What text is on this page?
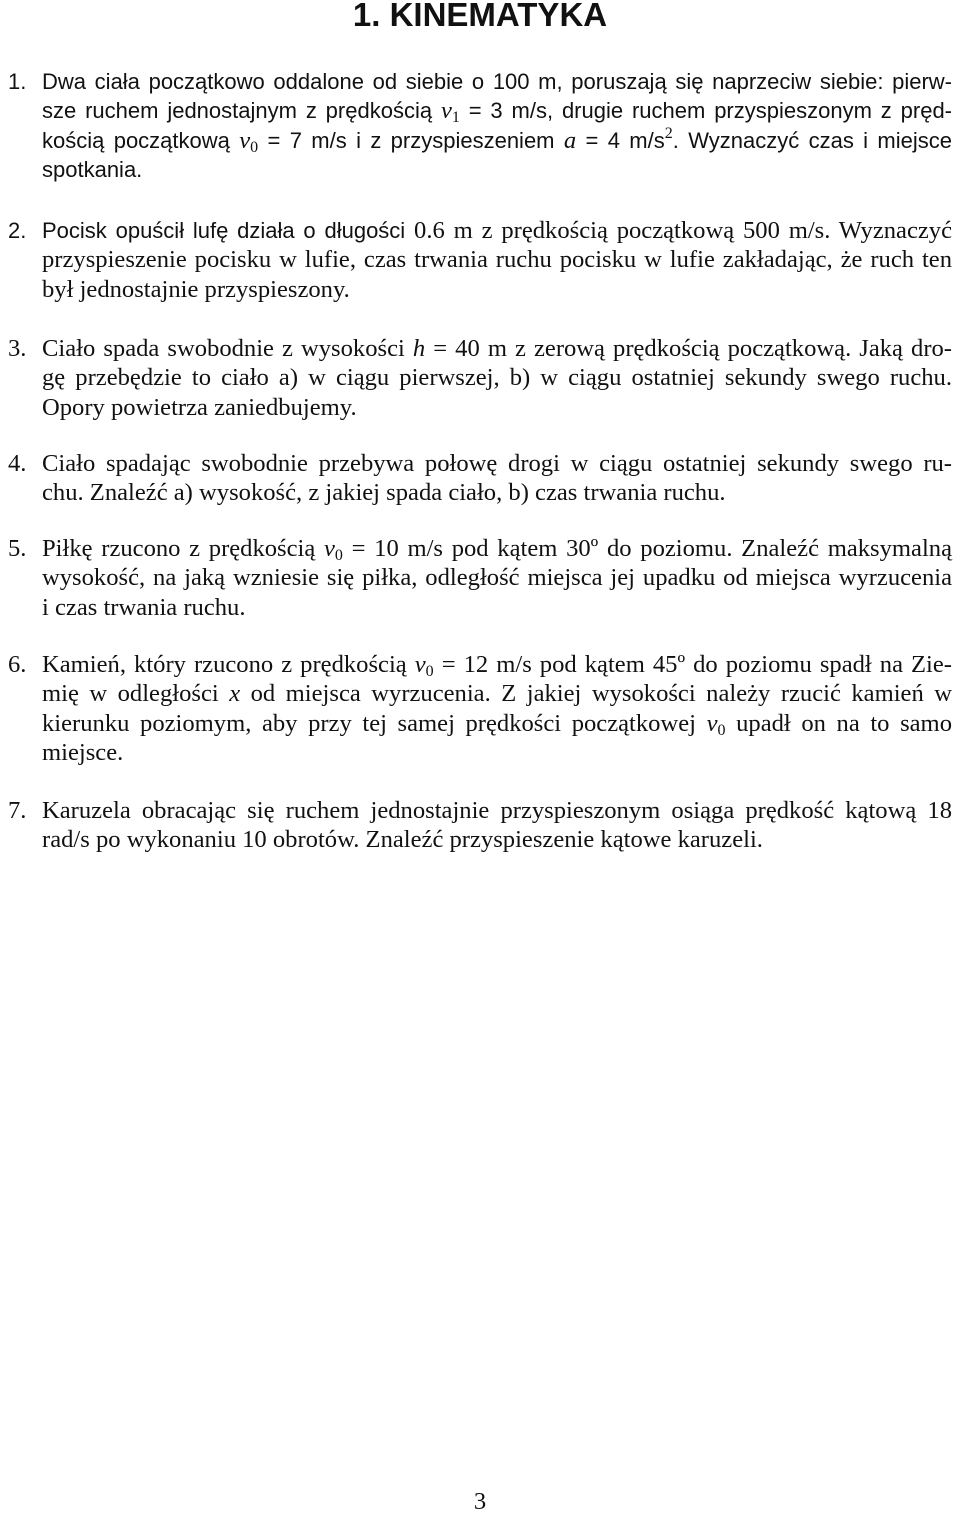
1. KINEMATYKA
1. Dwa ciała początkowo oddalone od siebie o 100 m, poruszają się naprzeciw siebie: pierw-
sze ruchem jednostajnym z prędkością $v_1 = 3$ m/s, drugie ruchem przyspieszonym z pręd-
kością początkową $v_0 = 7$ m/s i z przyspieszeniem a = 4 $m/s^2$. Wyznaczyć czas i miejsce
spotkania.
2. Pocisk opuścił lufę działa o długości 0.6 m z prędkością początkową 500 m/s. Wyznaczyć
przyspieszenie pocisku w lufie, czas trwania ruchu pocisku w lufie zakładając, że ruch ten
był jednostajnie przyspieszony.
3. Ciało spada swobodnie z wysokości h = 40 m z zerową prędkością początkową. Jaką dro-
gę przebędzie to ciało a) w ciągu pierwszej, b) w ciągu ostatniej sekundy swego ruchu.
Opory powietrza zaniedbujemy.
4. Ciało spadając swobodnie przebywa połowę drogi w ciągu ostatniej sekundy swego ru-
chu. Znaleźć a) wysokość, z jakiej spada ciało, b) czas trwania ruchu.
5. Piłkę rzucono z prędkością $v_0 = 10$ m/s pod kątem 30º do poziomu. Znaleźć maksymalną
wysokość, na jaką wzniesie się piłka, odległość miejsca jej upadku od miejsca wyrzucenia
i czas trwania ruchu.
6. Kamień, który rzucono z prędkością $v_0 = 12$ m/s pod kątem 45º do poziomu spadł na Zie-
mię w odległości x od miejsca wyrzucenia. Z jakiej wysokości należy rzucić kamień w
kierunku poziomym, aby przy tej samej prędkości początkowej $v_0$ upadł on na to samo
miejsce.
7. Karuzela obracając się ruchem jednostajnie przyspieszonym osiąga prędkość kątową 18
rad/s po wykonaniu 10 obrotów. Znaleźć przyspieszenie kątowe karuzeli.
3
